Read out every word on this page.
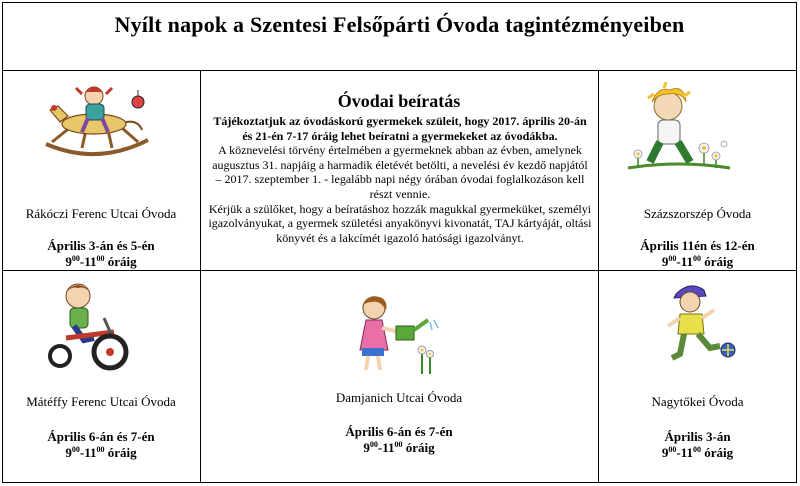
Nyílt napok a Szentesi Felsőpárti Óvoda tagintézményeiben
Rákóczi Ferenc Utcai Óvoda
Április 3-án és 5-én
$9^{00}-11^{00}$ óráig
Óvodai beíratás

Tájékoztatjuk az óvodáskorú gyermekek szüleit, hogy 2017. április 20-án és 21-én 7-17 óráig lehet beíratni a gyermekeket az óvodákba.

A köznevelési törvény értelmében a gyermeknek abban az évben, amelynek augusztus 31. napjáig a harmadik életévét betölti, a nevelési év kezdő napjától – 2017. szeptember 1. - legalább napi négy órában óvodai foglalkozáson kell részt vennie.

Kérjük a szülőket, hogy a beíratáshoz hozzák magukkal gyermeküket, személyi igazolványukat, a gyermek születési anyakönyvi kivonatát, TAJ kártyáját, oltási könyvét és a lakcímét igazoló hatósági igazolványt.

Százszorszép Óvoda
Április 11én és 12-én
$9^{00}-11^{00}$ óráig
Mátéffy Ferenc Utcai Óvoda
Április 6-án és 7-én
$9^{00}-11^{00}$ óráig
Damjanich Utcai Óvoda
Április 6-án és 7-én
$9^{00}-11^{00}$ óráig
Nagytőkei Óvoda
Április 3-án
$9^{00}-11^{00}$ óráig
